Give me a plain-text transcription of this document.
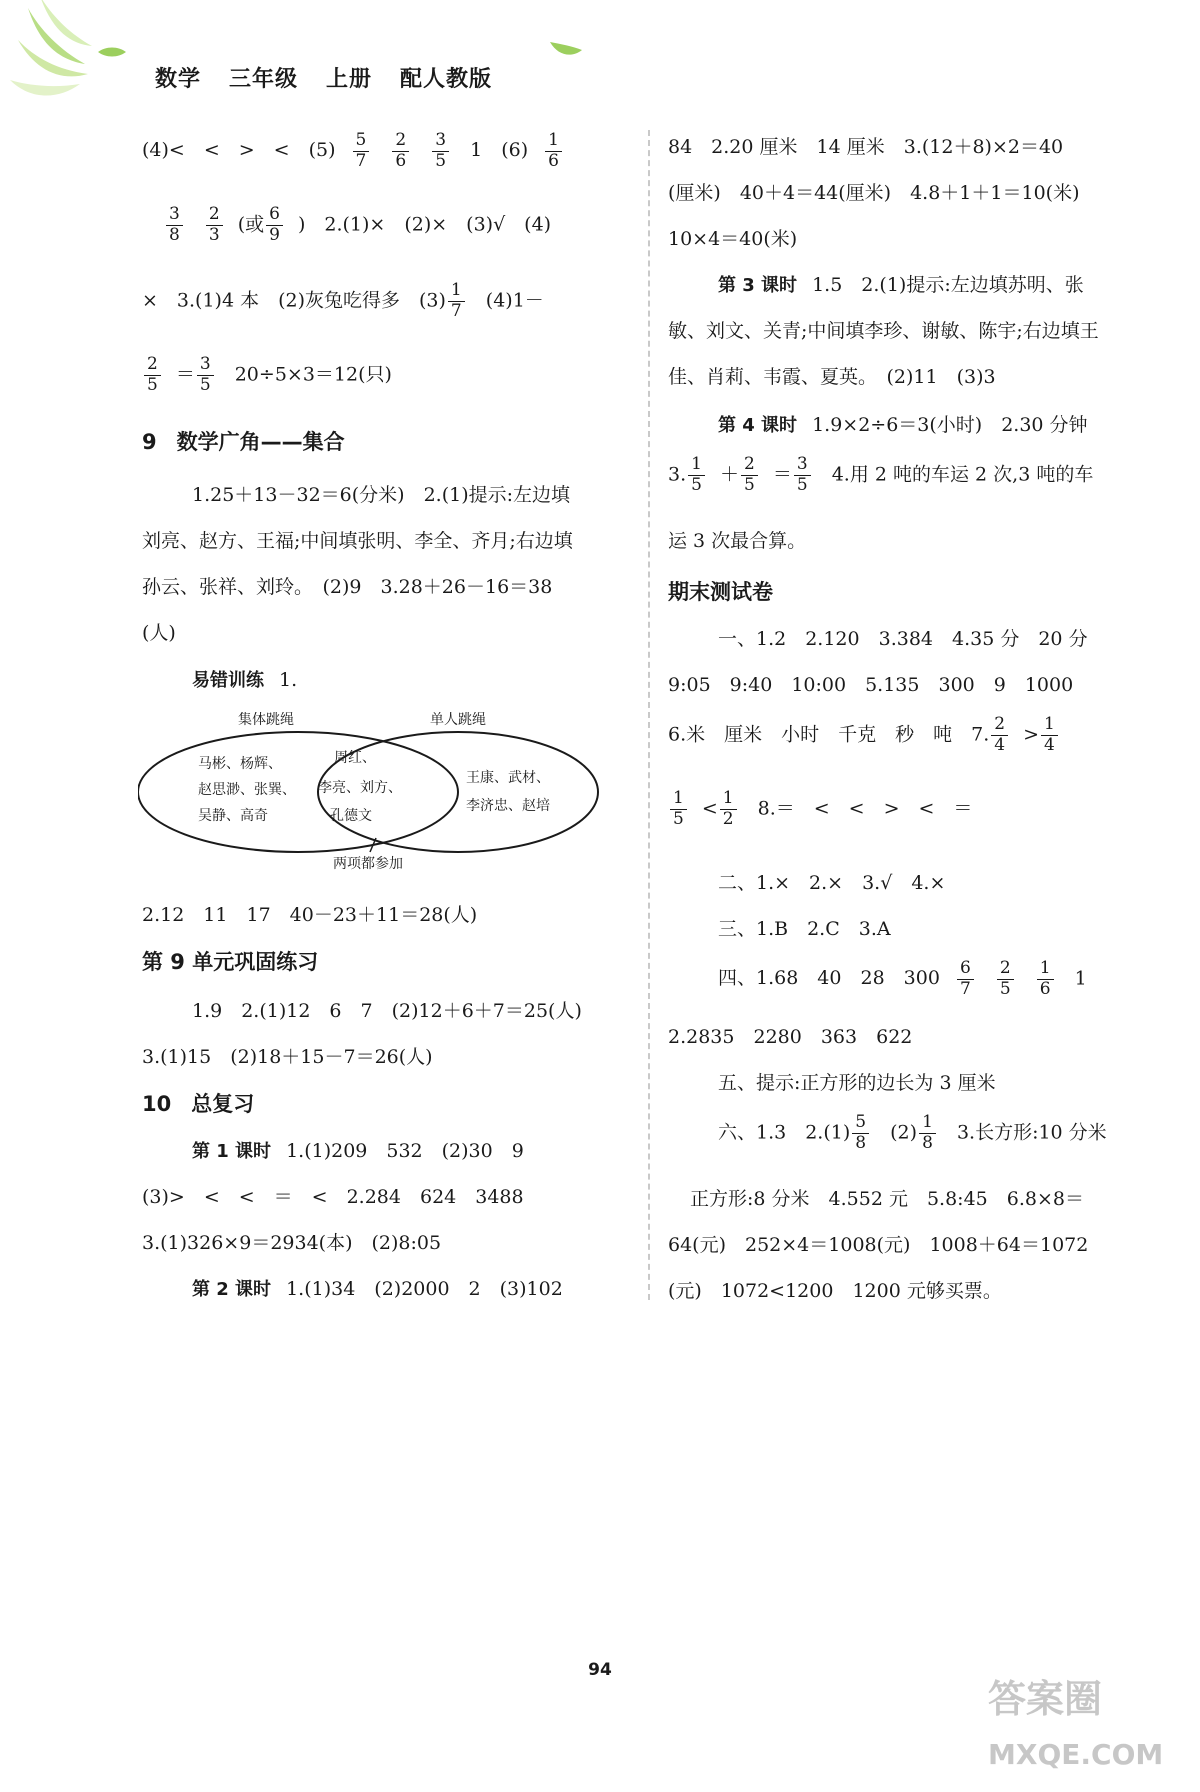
数学 三年级 上册 配人教版
(4)<　<　>　<　$(5) \frac{5}{7}$
$\frac{2}{6}$
$\frac{3}{5} 1$　$(6) \frac{1}{6}$
$\frac{3}{8}$
$\frac{2}{3}$ (或 $\frac{6}{9}$ )　2.(1)×　(2)×　(3)√　(4)
×　3.(1)4 本　(2)灰兔吃得多　$(3) \frac{1}{7} (4)1-$
$\frac{2}{5} = \frac{3}{5} 20\div 5\times 3=12$(只)
9 数学广角——集合
1.25＋13－32＝6(分米)　2.(1)提示:左边填
刘亮、赵方、王福;中间填张明、李全、齐月;右边填
孙云、张祥、刘玲。　(2)9　3.28＋26－16＝38
(人)
易错训练 1.
集体跳绳	单人跳绳
马彬、杨辉、
赵思渺、张巽、
吴静、高奇
周红、
李亮、刘方、
孔德文
王康、武材、
李济忠、赵培
两项都参加
2.12　11　17　40－23＋11＝28(人)
第 9 单元巩固练习
1.9　2.(1)12　6　7　(2)12＋6＋7＝25(人)
3.(1)15　(2)18＋15－7＝26(人)
10 总复习
第 1 课时 1.(1)209　532　(2)30　9
(3)>　<　<　＝　<　2.284　624　3488
3.(1)326×9＝2934(本)　(2)8:05
第 2 课时 1.(1)34　(2)2000　2　(3)102
84　2.20 厘米　14 厘米　3.(12＋8)×2＝40
(厘米)　40＋4＝44(厘米)　4.8＋1＋1＝10(米)
10×4＝40(米)
第 3 课时 1.5　2.(1)提示:左边填苏明、张
敏、刘文、关青;中间填李珍、谢敏、陈宇;右边填王
佳、肖莉、韦霞、夏英。　(2)11　(3)3
第 4 课时 1.9×2÷6＝3(小时)　2.30 分钟
3. $\frac{1}{5} + \frac{2}{5} = \frac{3}{5} 4$.用 2 吨的车运 2 次,3 吨的车
运 3 次最合算。
期末测试卷
一、1.2　2.120　3.384　4.35 分　20 分
9:05　9:40　10:00　5.135　300　9　1000
6.米　厘米　小时　千克　秒　吨　7. $\frac{2}{4} > \frac{1}{4}$
$\frac{1}{5} < \frac{1}{2} 8.=$　<　<　>　<　＝
二、1.×　2.×　3.√　4.×
三、1.B　2.C　3.A
四、1.68　40　28　$300 \frac{6}{7}$
$\frac{2}{5}$
$\frac{1}{6} 1$
2.2835　2280　363　622
五、提示:正方形的边长为 3 厘米
六、1.3　$2.(1) \frac{5}{8} (2) \frac{1}{8} 3$.长方形:10 分米
正方形:8 分米　4.552 元　5.8:45　6.8×8＝
64(元)　252×4＝1008(元)　1008＋64＝1072
(元)　1072<1200　1200 元够买票。
94
答案圈
MXQE.COM
